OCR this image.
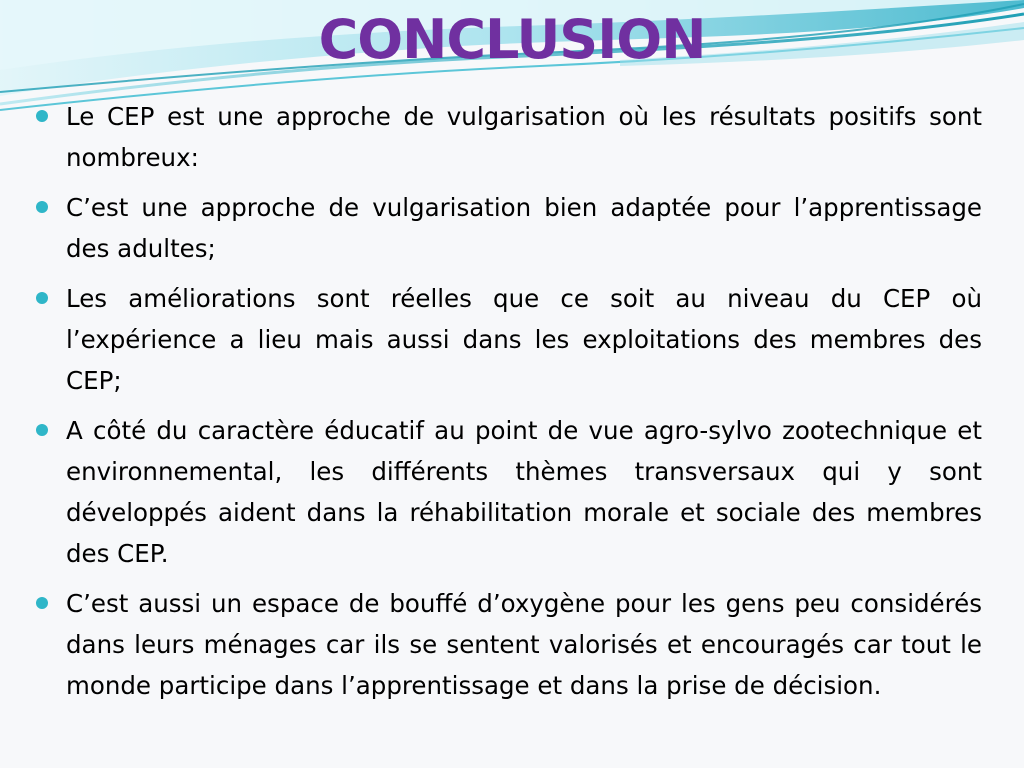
CONCLUSION
Le CEP est une approche de vulgarisation où les résultats positifs sont nombreux:
C’est une approche de vulgarisation bien adaptée pour l’apprentissage des adultes;
Les améliorations sont réelles que ce soit au niveau du CEP où l’expérience a lieu mais aussi dans les exploitations des membres des CEP;
A côté du caractère éducatif au point de vue agro-sylvo zootechnique et environnemental, les différents thèmes transversaux qui y sont développés aident dans la réhabilitation morale et sociale des membres des CEP.
C’est aussi un espace de bouffé d’oxygène pour les gens peu considérés dans leurs ménages car ils se sentent valorisés et encouragés car tout le monde participe dans l’apprentissage et dans la prise de décision.
